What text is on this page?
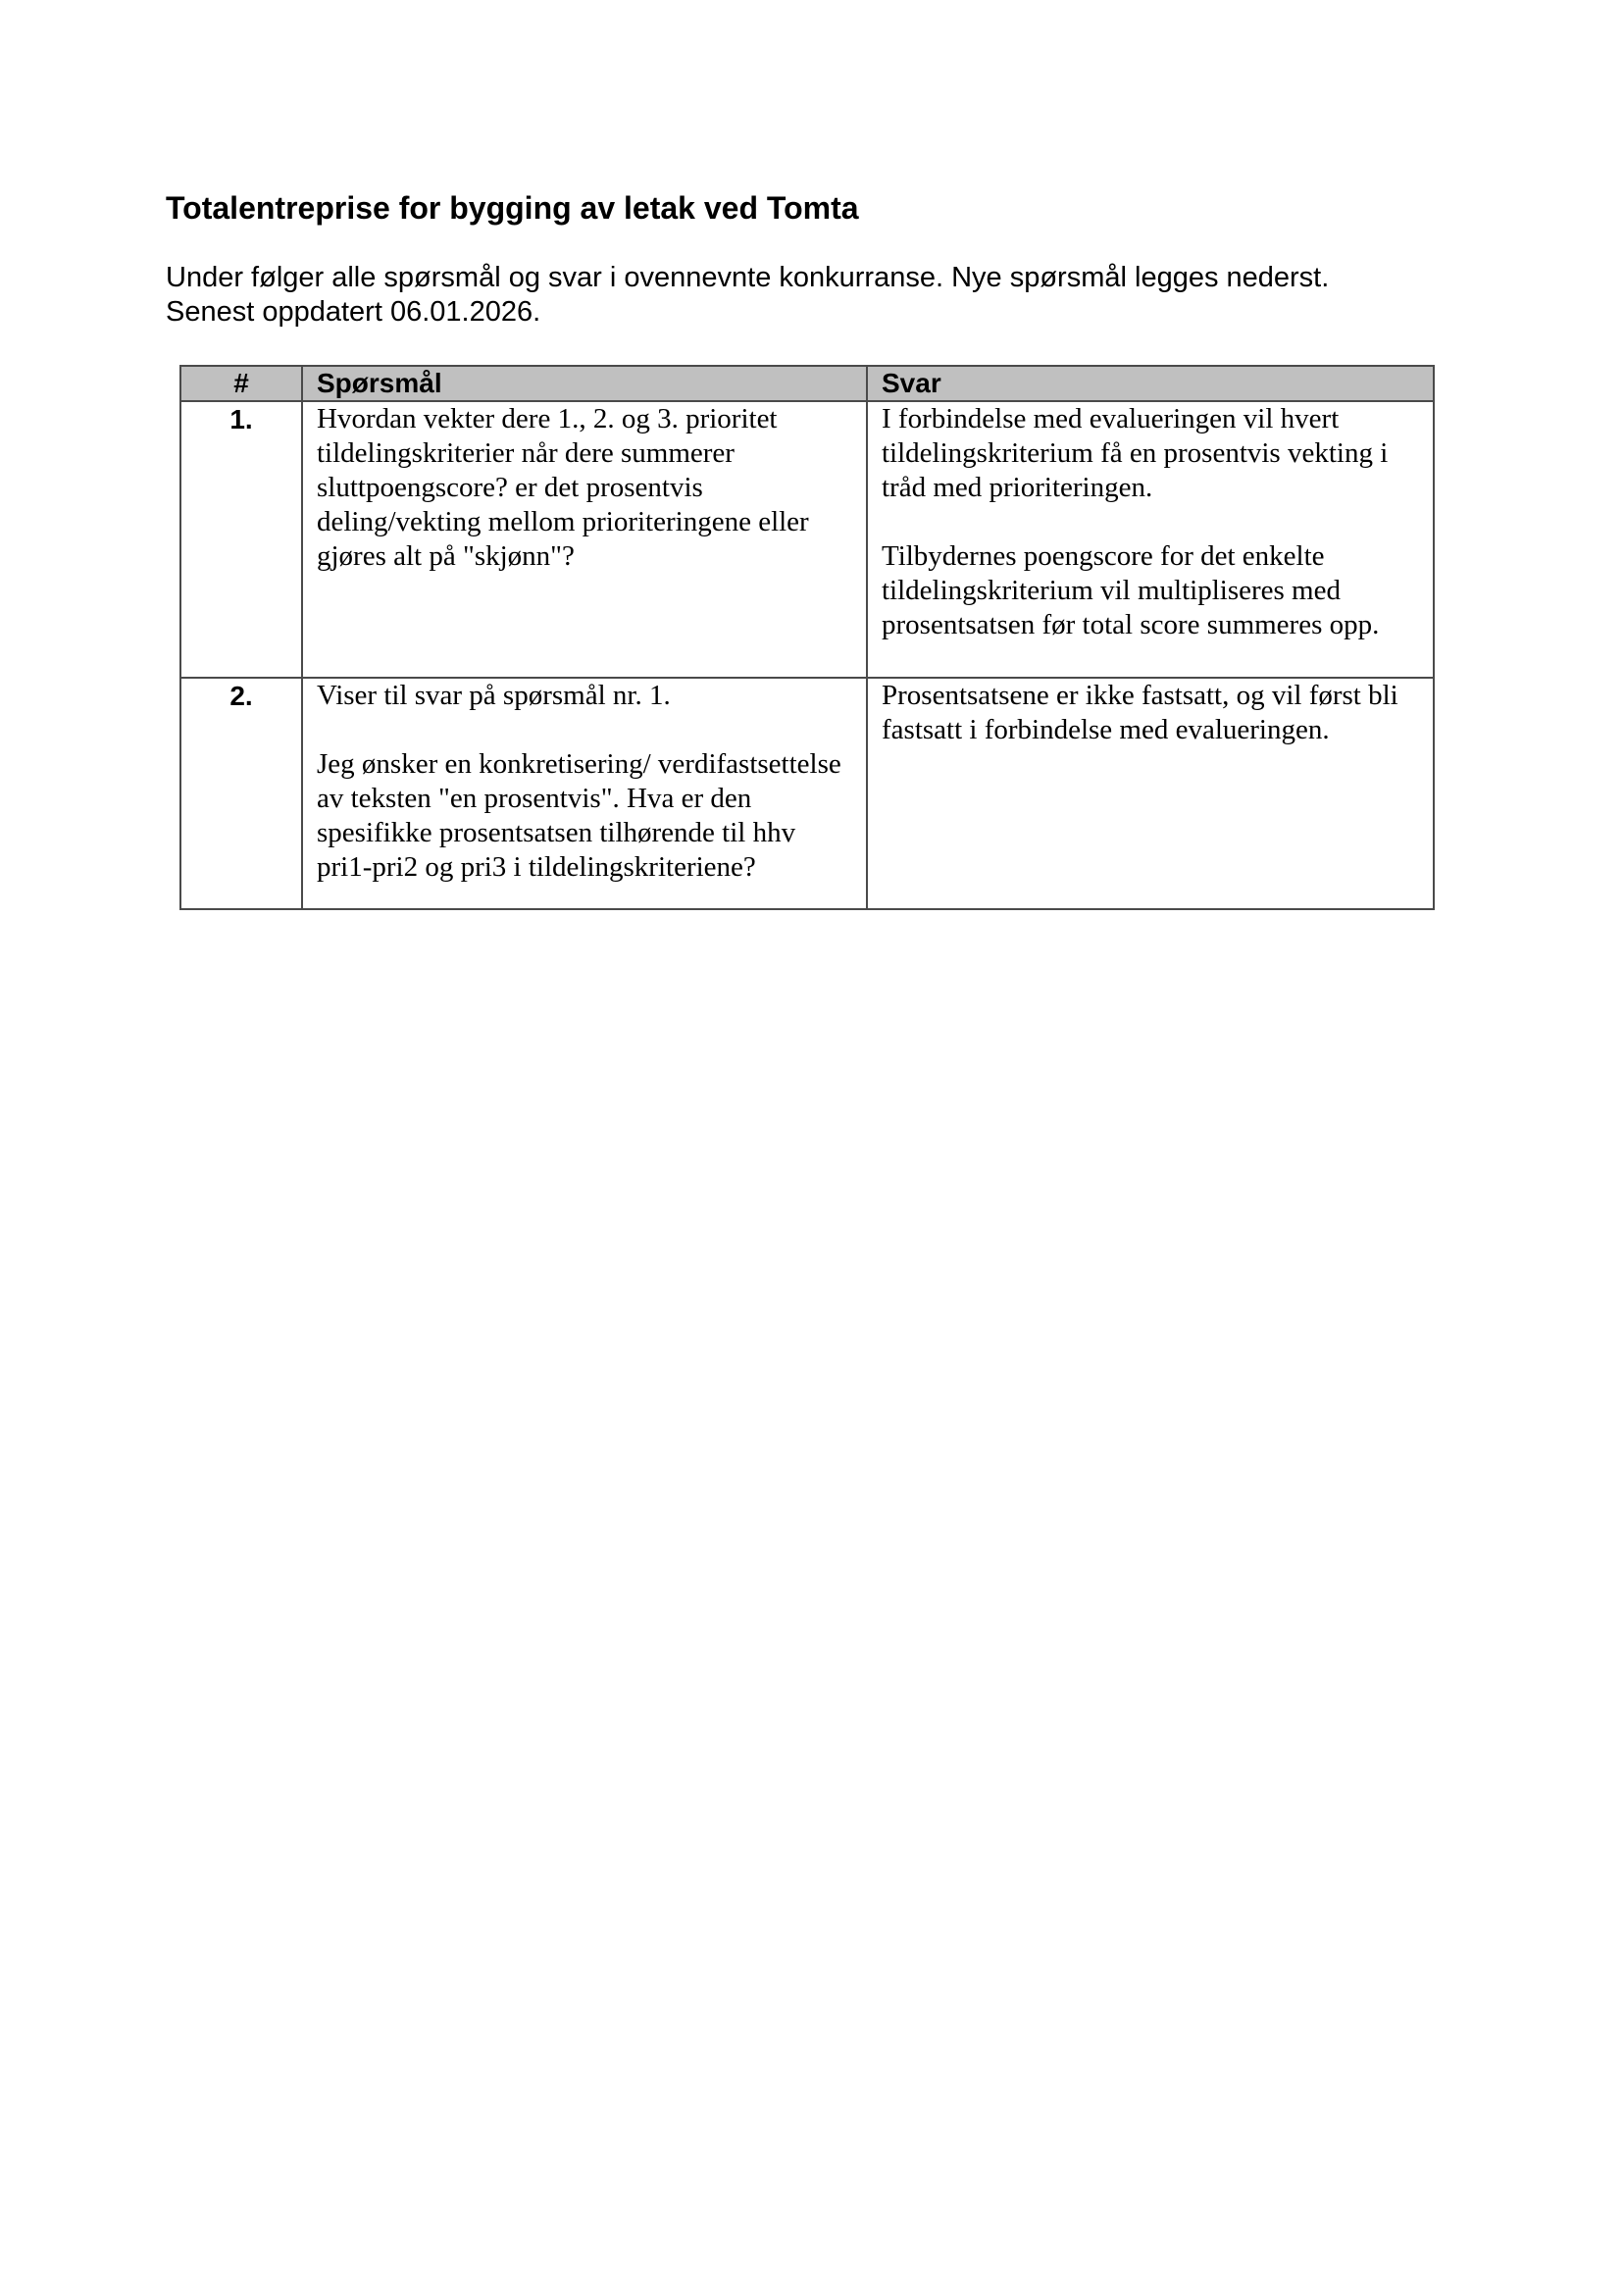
Totalentreprise for bygging av letak ved Tomta

Under følger alle spørsmål og svar i ovennevnte konkurranse. Nye spørsmål legges nederst.

Senest oppdatert 06.01.2026.

#	Spørsmål	Svar
1.	Hvordan vekter dere 1., 2. og 3. prioritet tildelingskriterier når dere summerer sluttpoengscore? er det prosentvis deling/vekting mellom prioriteringene eller gjøres alt på "skjønn"?	I forbindelse med evalueringen vil hvert tildelingskriterium få en prosentvis vekting i tråd med prioriteringen.

Tilbydernes poengscore for det enkelte tildelingskriterium vil multipliseres med prosentsatsen før total score summeres opp.

2.	Viser til svar på spørsmål nr. 1.

Jeg ønsker en konkretisering/ verdifastsettelse av teksten "en prosentvis". Hva er den spesifikke prosentsatsen tilhørende til hhv pri1-pri2 og pri3 i tildelingskriteriene?	Prosentsatsene er ikke fastsatt, og vil først bli fastsatt i forbindelse med evalueringen.
